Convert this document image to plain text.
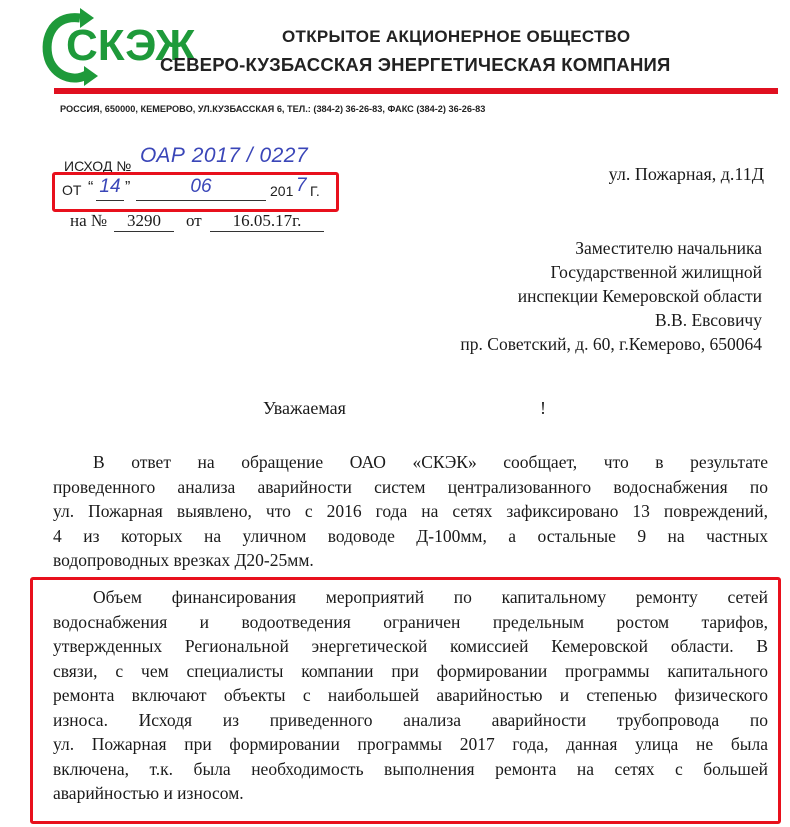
СКЭЖ	ОТКРЫТОЕ АКЦИОНЕРНОЕ ОБЩЕСТВО
СЕВЕРО-КУЗБАССКАЯ ЭНЕРГЕТИЧЕСКАЯ КОМПАНИЯ
РОССИЯ, 650000, КЕМЕРОВО, УЛ.КУЗБАССКАЯ 6, ТЕЛ.: (384-2) 36-26-83, ФАКС (384-2) 36-26-83
ИСХОД № ОАР 2017 / 0227
ОТ “ 14 ”	06	201 7 Г.
на №	3290	от	16.05.17г.
ул. Пожарная, д.11Д
Заместителю начальника
Государственной жилищной
инспекции Кемеровской области
В.В. Евсовичу
пр. Советский, д. 60, г.Кемерово, 650064
Уважаемая	!
В ответ на обращение ОАО «СКЭК» сообщает, что в результате
проведенного анализа аварийности систем централизованного водоснабжения по
ул. Пожарная выявлено, что с 2016 года на сетях зафиксировано 13 повреждений,
4 из которых на уличном водоводе Д-100мм, а остальные 9 на частных
водопроводных врезках Д20-25мм.
Объем финансирования мероприятий по капитальному ремонту сетей
водоснабжения и водоотведения ограничен предельным ростом тарифов,
утвержденных Региональной энергетической комиссией Кемеровской области. В
связи, с чем специалисты компании при формировании программы капитального
ремонта включают объекты с наибольшей аварийностью и степенью физического
износа. Исходя из приведенного анализа аварийности трубопровода по
ул. Пожарная при формировании программы 2017 года, данная улица не была
включена, т.к. была необходимость выполнения ремонта на сетях с большей
аварийностью и износом.
